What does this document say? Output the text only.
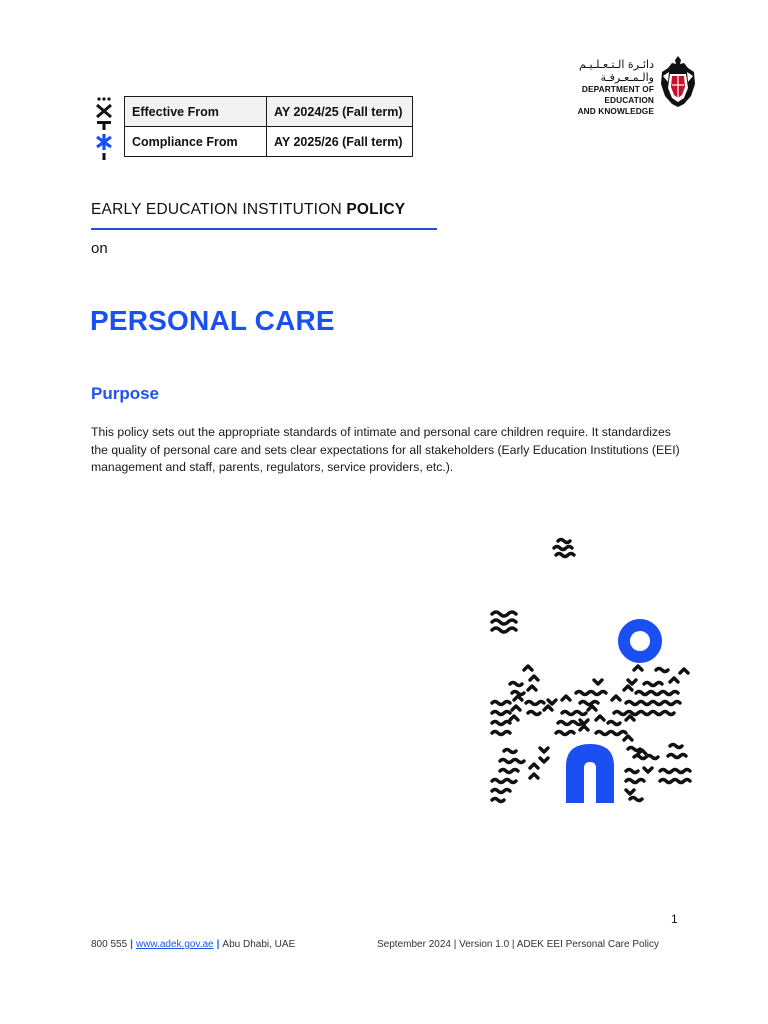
دائـرة الـتـعـلـيـم والـمـعـرفـة
DEPARTMENT OF EDUCATION
AND KNOWLEDGE
Effective From	AY 2024/25 (Fall term)
Compliance From	AY 2025/26 (Fall term)
EARLY EDUCATION INSTITUTION POLICY
on
PERSONAL CARE
Purpose
This policy sets out the appropriate standards of intimate and personal care children require. It standardizes the quality of personal care and sets clear expectations for all stakeholders (Early Education Institutions (EEI) management and staff, parents, regulators, service providers, etc.).
1
800 555 | www.adek.gov.ae | Abu Dhabi, UAE	September 2024 | Version 1.0 | ADEK EEI Personal Care Policy
